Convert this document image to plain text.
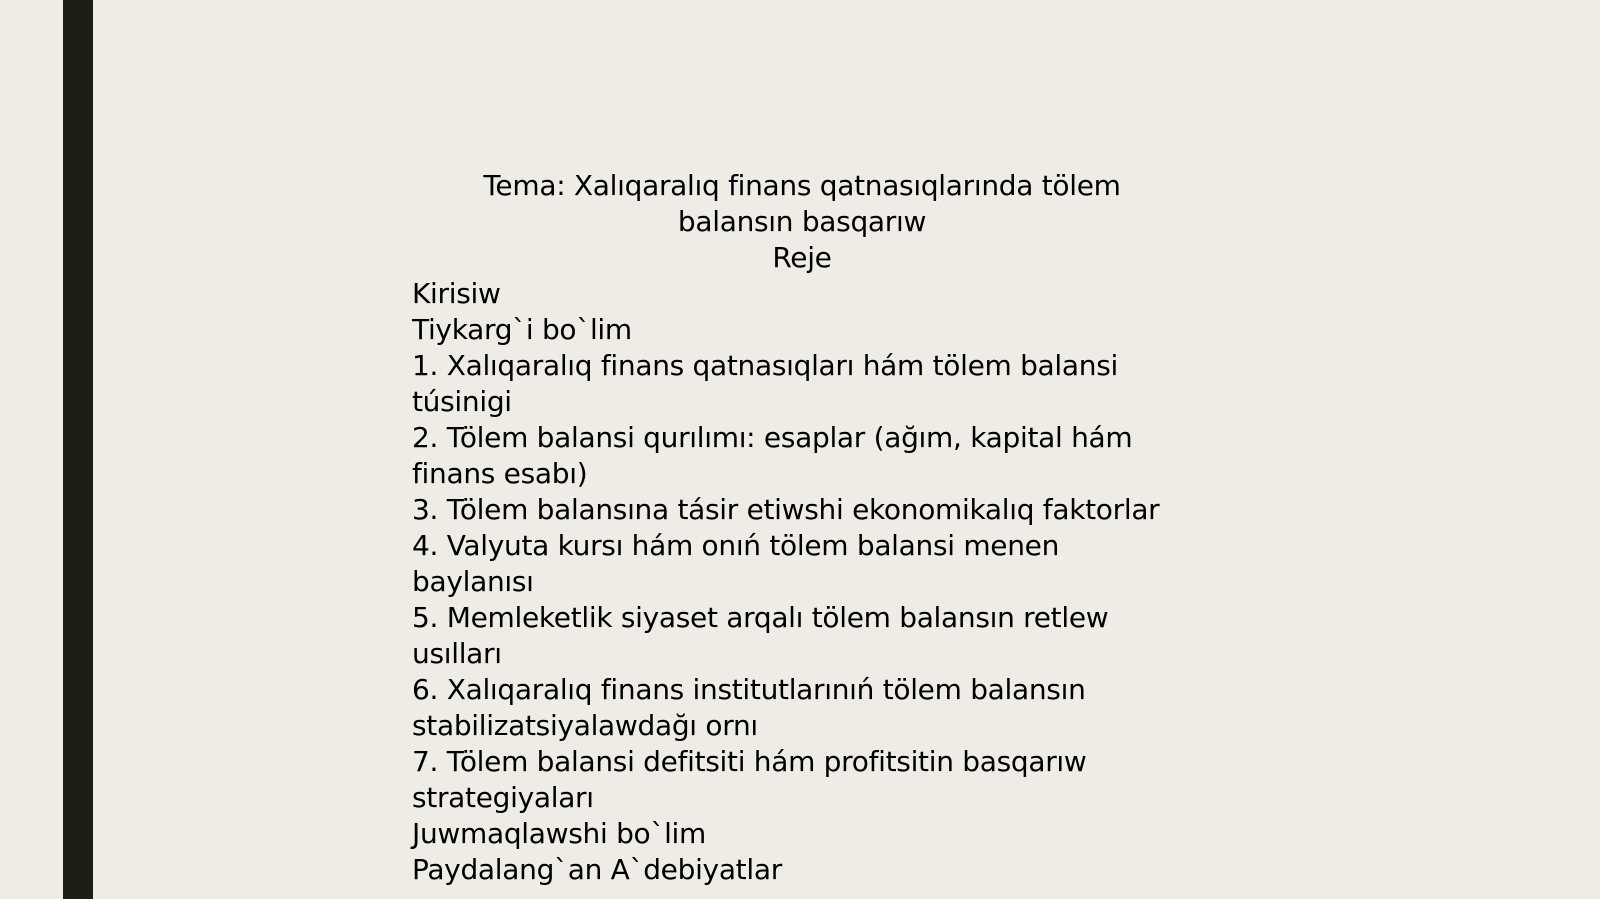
Tema: Xalıqaralıq finans qatnasıqlarında tölem
balansın basqarıw
Reje
Kirisiw
Tiykarg`i bo`lim
1. Xalıqaralıq finans qatnasıqları hám tölem balansi
túsinigi
2. Tölem balansi qurılımı: esaplar (ağım, kapital hám
finans esabı)
3. Tölem balansına tásir etiwshi ekonomikalıq faktorlar
4. Valyuta kursı hám onıń tölem balansi menen
baylanısı
5. Memleketlik siyaset arqalı tölem balansın retlew
usılları
6. Xalıqaralıq finans institutlarınıń tölem balansın
stabilizatsiyalawdağı ornı
7. Tölem balansi defitsiti hám profitsitin basqarıw
strategiyaları
Juwmaqlawshi bo`lim
Paydalang`an A`debiyatlar
